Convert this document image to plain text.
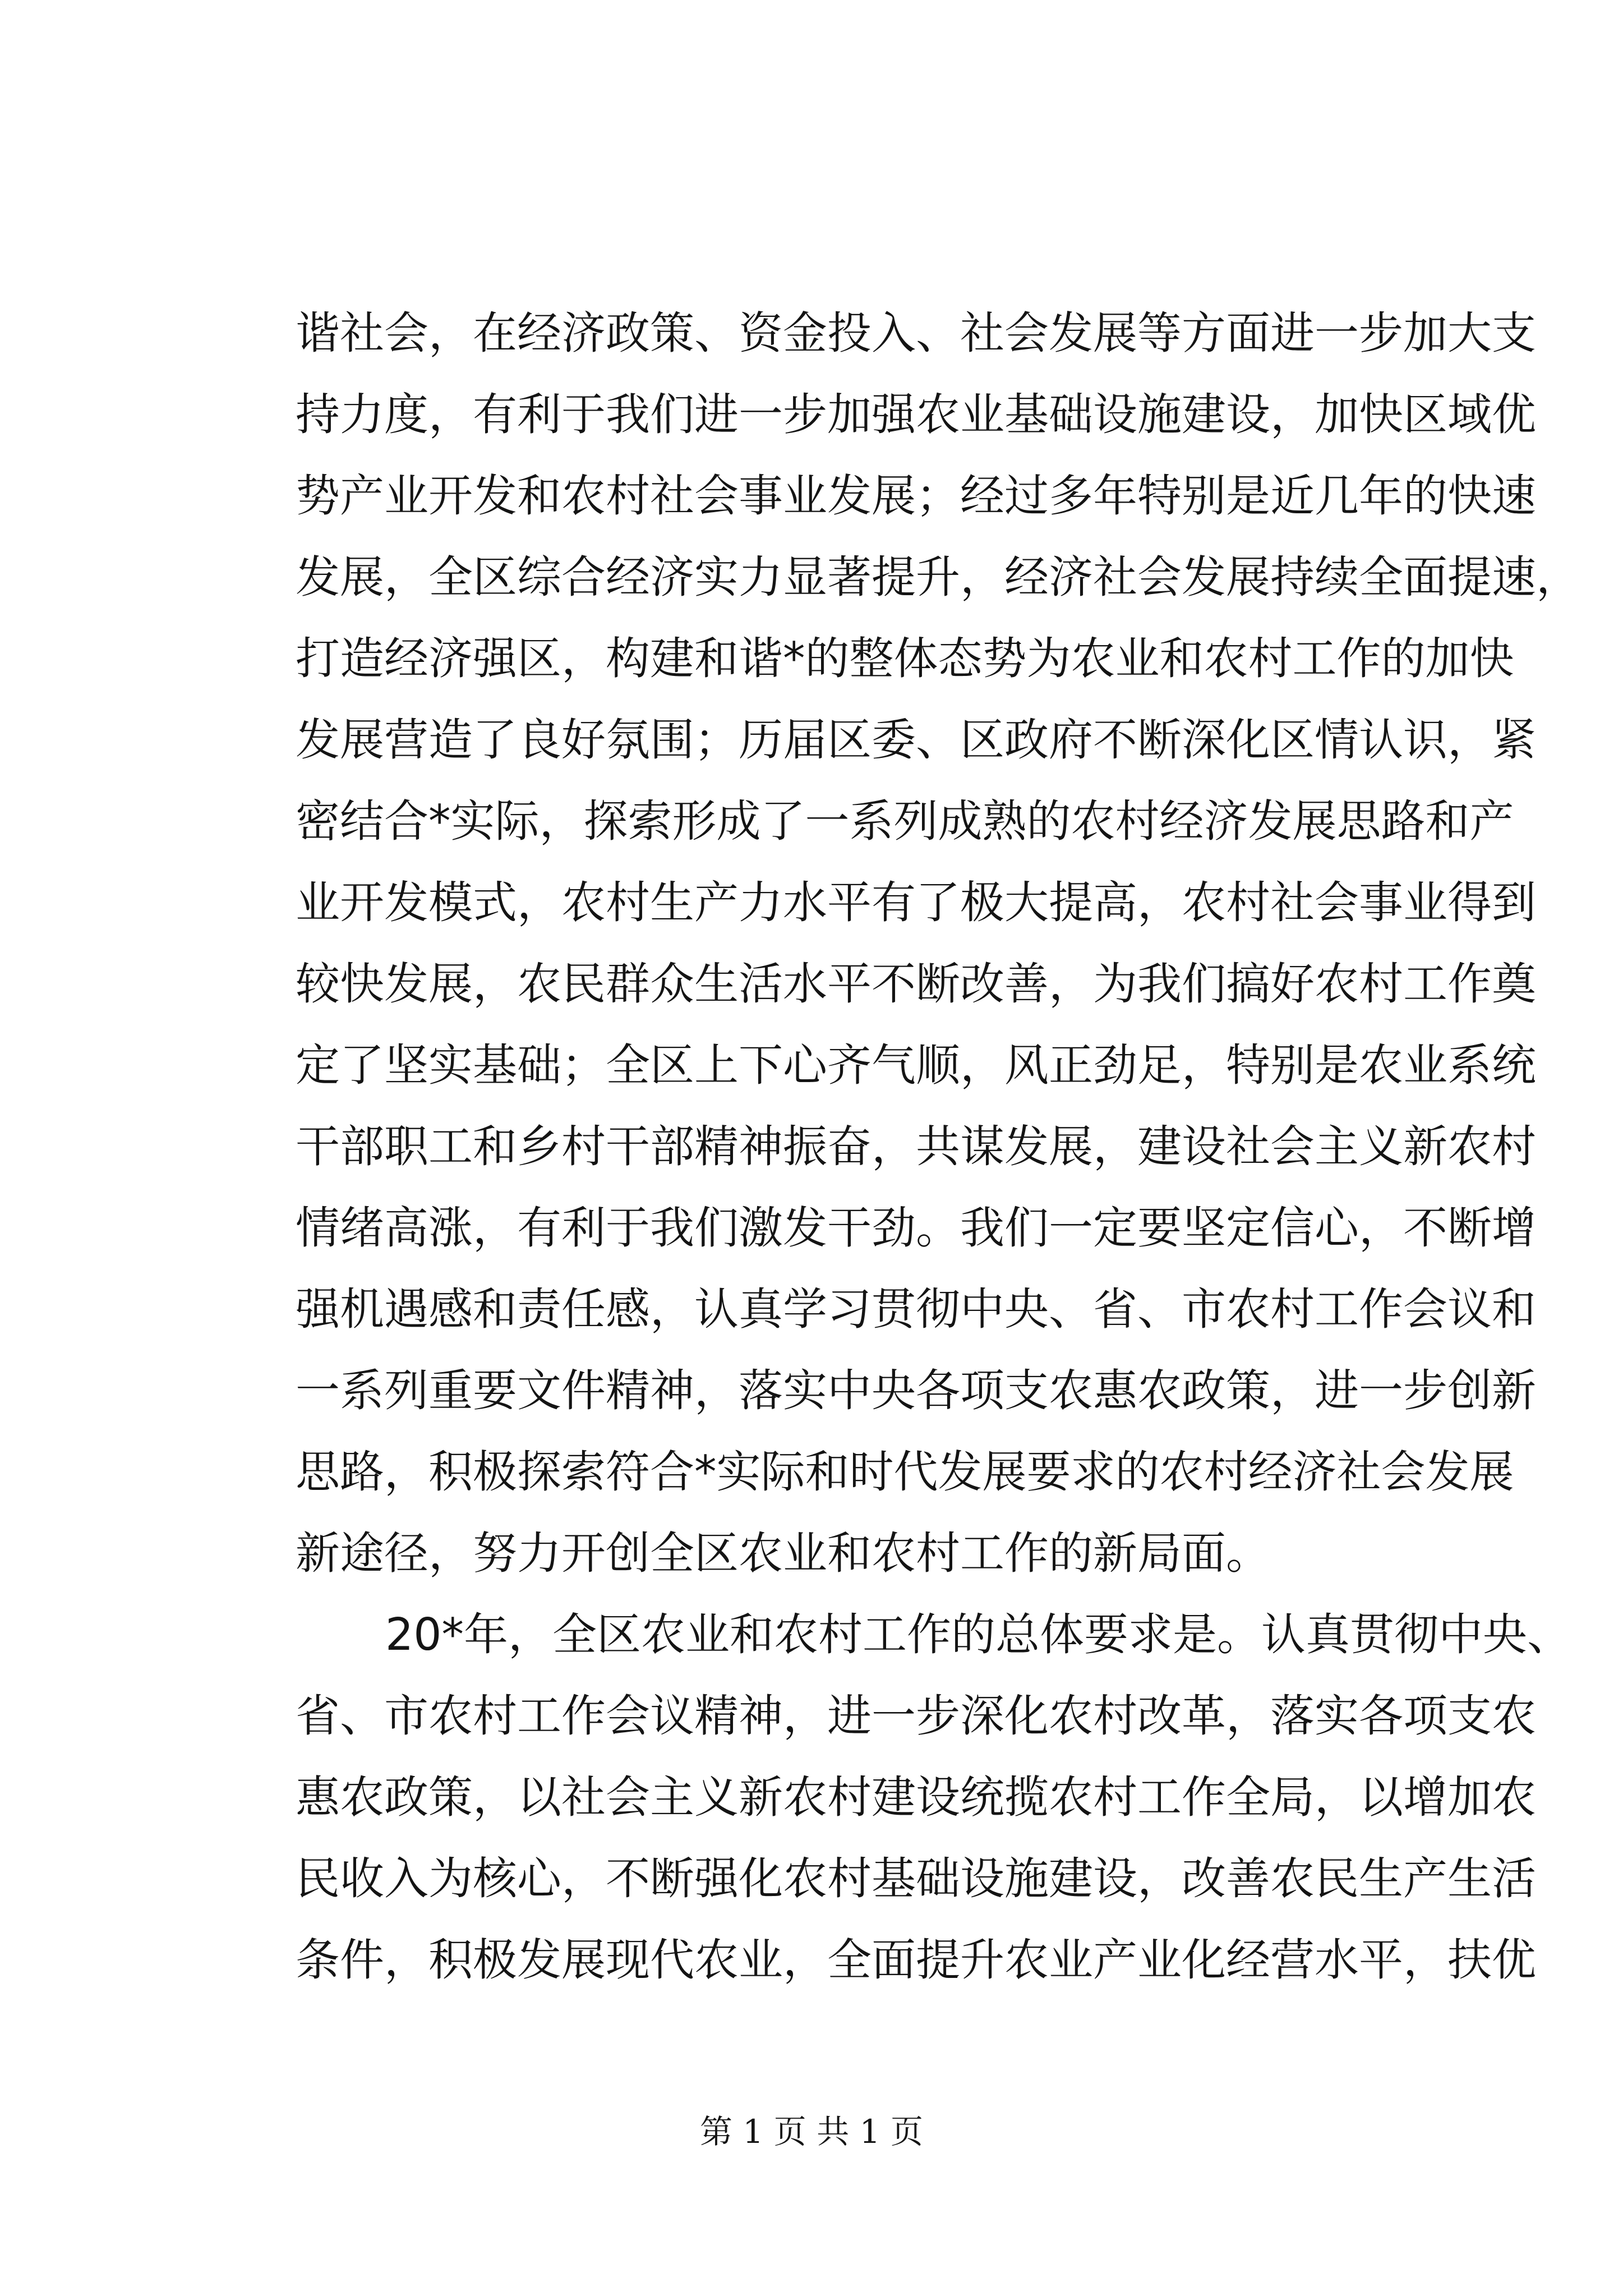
谐社会，在经济政策、资金投入、社会发展等方面进一步加大支
持力度，有利于我们进一步加强农业基础设施建设，加快区域优
势产业开发和农村社会事业发展；经过多年特别是近几年的快速
发展，全区综合经济实力显著提升，经济社会发展持续全面提速，
打造经济强区，构建和谐*的整体态势为农业和农村工作的加快
发展营造了良好氛围；历届区委、区政府不断深化区情认识，紧
密结合*实际，探索形成了一系列成熟的农村经济发展思路和产
业开发模式，农村生产力水平有了极大提高，农村社会事业得到
较快发展，农民群众生活水平不断改善，为我们搞好农村工作奠
定了坚实基础；全区上下心齐气顺，风正劲足，特别是农业系统
干部职工和乡村干部精神振奋，共谋发展，建设社会主义新农村
情绪高涨，有利于我们激发干劲。我们一定要坚定信心，不断增
强机遇感和责任感，认真学习贯彻中央、省、市农村工作会议和
一系列重要文件精神，落实中央各项支农惠农政策，进一步创新
思路，积极探索符合*实际和时代发展要求的农村经济社会发展
新途径，努力开创全区农业和农村工作的新局面。
20*年，全区农业和农村工作的总体要求是。认真贯彻中央、
省、市农村工作会议精神，进一步深化农村改革，落实各项支农
惠农政策，以社会主义新农村建设统揽农村工作全局，以增加农
民收入为核心，不断强化农村基础设施建设，改善农民生产生活
条件，积极发展现代农业，全面提升农业产业化经营水平，扶优
第 1 页 共 1 页
